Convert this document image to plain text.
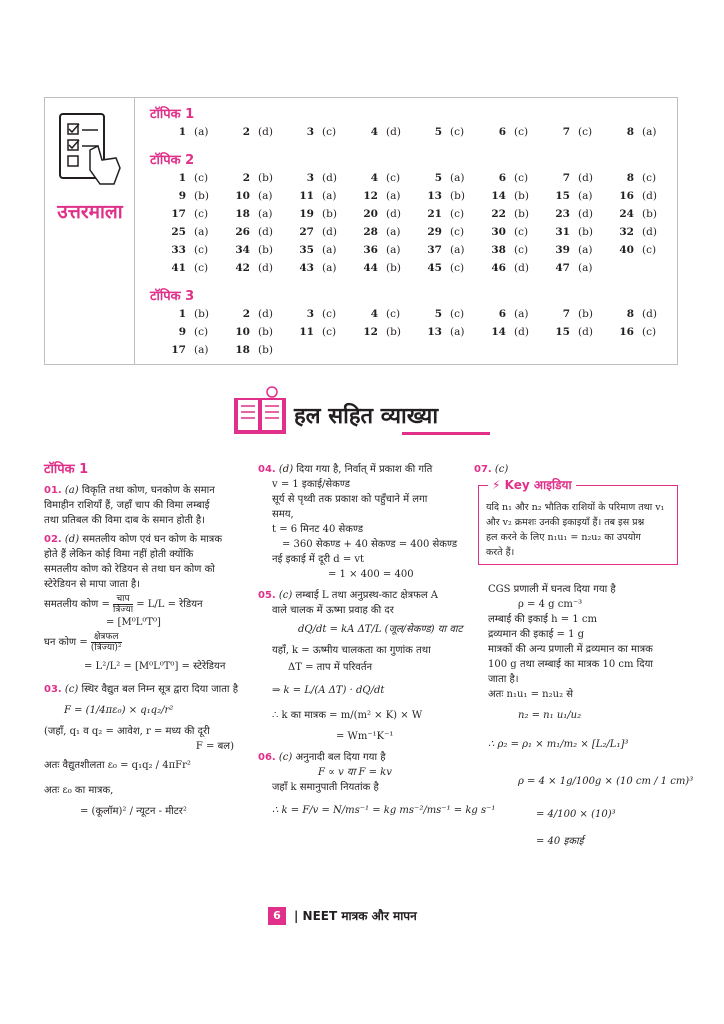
उत्तरमाला
टॉपिक 1
1 (a)	2 (d)	3 (c)	4 (d)	5 (c)	6 (c)	7 (c)	8 (a)
टॉपिक 2
1 (c)	2 (b)	3 (d)	4 (c)	5 (a)	6 (c)	7 (d)	8 (c)
9 (b)	10 (a)	11 (a)	12 (a)	13 (b)	14 (b)	15 (a)	16 (d)
17 (c)	18 (a)	19 (b)	20 (d)	21 (c)	22 (b)	23 (d)	24 (b)
25 (a)	26 (d)	27 (d)	28 (a)	29 (c)	30 (c)	31 (b)	32 (d)
33 (c)	34 (b)	35 (a)	36 (a)	37 (a)	38 (c)	39 (a)	40 (c)
41 (c)	42 (d)	43 (a)	44 (b)	45 (c)	46 (d)	47 (a)
टॉपिक 3
1 (b)	2 (d)	3 (c)	4 (c)	5 (c)	6 (a)	7 (b)	8 (d)
9 (c)	10 (b)	11 (c)	12 (b)	13 (a)	14 (d)	15 (d)	16 (c)
17 (a)	18 (b)
हल सहित व्याख्या
टॉपिक 1
01. (a) विकृति तथा कोण, घनकोण के समान
विमाहीन राशियाँ हैं, जहाँ चाप की विमा लम्बाई
तथा प्रतिबल की विमा दाब के समान होती है।
02. (d) समतलीय कोण एवं घन कोण के मात्रक
होते हैं लेकिन कोई विमा नहीं होती क्योंकि
समतलीय कोण को रेडियन से तथा घन कोण को
स्टेरेडियन से मापा जाता है।
समतलीय कोण = $\frac{\text{चाप}}{\text{त्रिज्या}} = L/L$ = रेडियन
= [M⁰L⁰T⁰]
घन कोण = $\frac{\text{क्षेत्रफल}}{\text{(त्रिज्या)²}}$
= L²/L² = [M⁰L⁰T⁰] = स्टेरेडियन
03. (c) स्थिर वैद्युत बल निम्न सूत्र द्वारा दिया जाता है
F = (1/4πε₀) × q₁q₂/r²
(जहाँ, q₁ व q₂ = आवेश, r = मध्य की दूरी
F = बल)
अतः वैद्युतशीलता ε₀ = q₁q₂ / 4πFr²
अतः ε₀ का मात्रक,
= (कूलॉम)² / न्यूटन - मीटर²
04. (d) दिया गया है, निर्वात् में प्रकाश की गति
v = 1 इकाई/सेकण्ड
सूर्य से पृथ्वी तक प्रकाश को पहुँचाने में लगा
समय,
t = 6 मिनट 40 सेकण्ड
= 360 सेकण्ड + 40 सेकण्ड = 400 सेकण्ड
नई इकाई में दूरी d = vt
= 1 × 400 = 400
05. (c) लम्बाई L तथा अनुप्रस्थ-काट क्षेत्रफल A
वाले चालक में ऊष्मा प्रवाह की दर
dQ/dt = kA ΔT/L (जूल/सेकण्ड) या वाट
यहाँ, k = ऊष्मीय चालकता का गुणांक तथा
ΔT = ताप में परिवर्तन
⇒ k = L/(A ΔT) · dQ/dt
∴ k का मात्रक = m/(m² × K) × W
= Wm⁻¹K⁻¹
06. (c) अनुनादी बल दिया गया है
F ∝ v या F = kv
जहाँ k समानुपाती नियतांक है
∴ k = F/v = N/ms⁻¹ = kg ms⁻²/ms⁻¹ = kg s⁻¹
07. (c)
⚡ Key आइडिया
यदि n₁ और n₂ भौतिक राशियों के परिमाण तथा v₁
और v₂ क्रमशः उनकी इकाइयाँ हैं। तब इस प्रश्न
हल करने के लिए n₁u₁ = n₂u₂ का उपयोग
करते हैं।
CGS प्रणाली में घनत्व दिया गया है
ρ = 4 g cm⁻³
लम्बाई की इकाई h = 1 cm
द्रव्यमान की इकाई = 1 g
मात्रकों की अन्य प्रणाली में द्रव्यमान का मात्रक
100 g तथा लम्बाई का मात्रक 10 cm दिया
जाता है।
अतः n₁u₁ = n₂u₂ से
n₂ = n₁ u₁/u₂
∴ ρ₂ = ρ₁ × m₁/m₂ × [L₂/L₁]³
ρ = 4 × 1g/100g × (10 cm / 1 cm)³
= 4/100 × (10)³
= 40 इकाई
6	| NEET मात्रक और मापन
